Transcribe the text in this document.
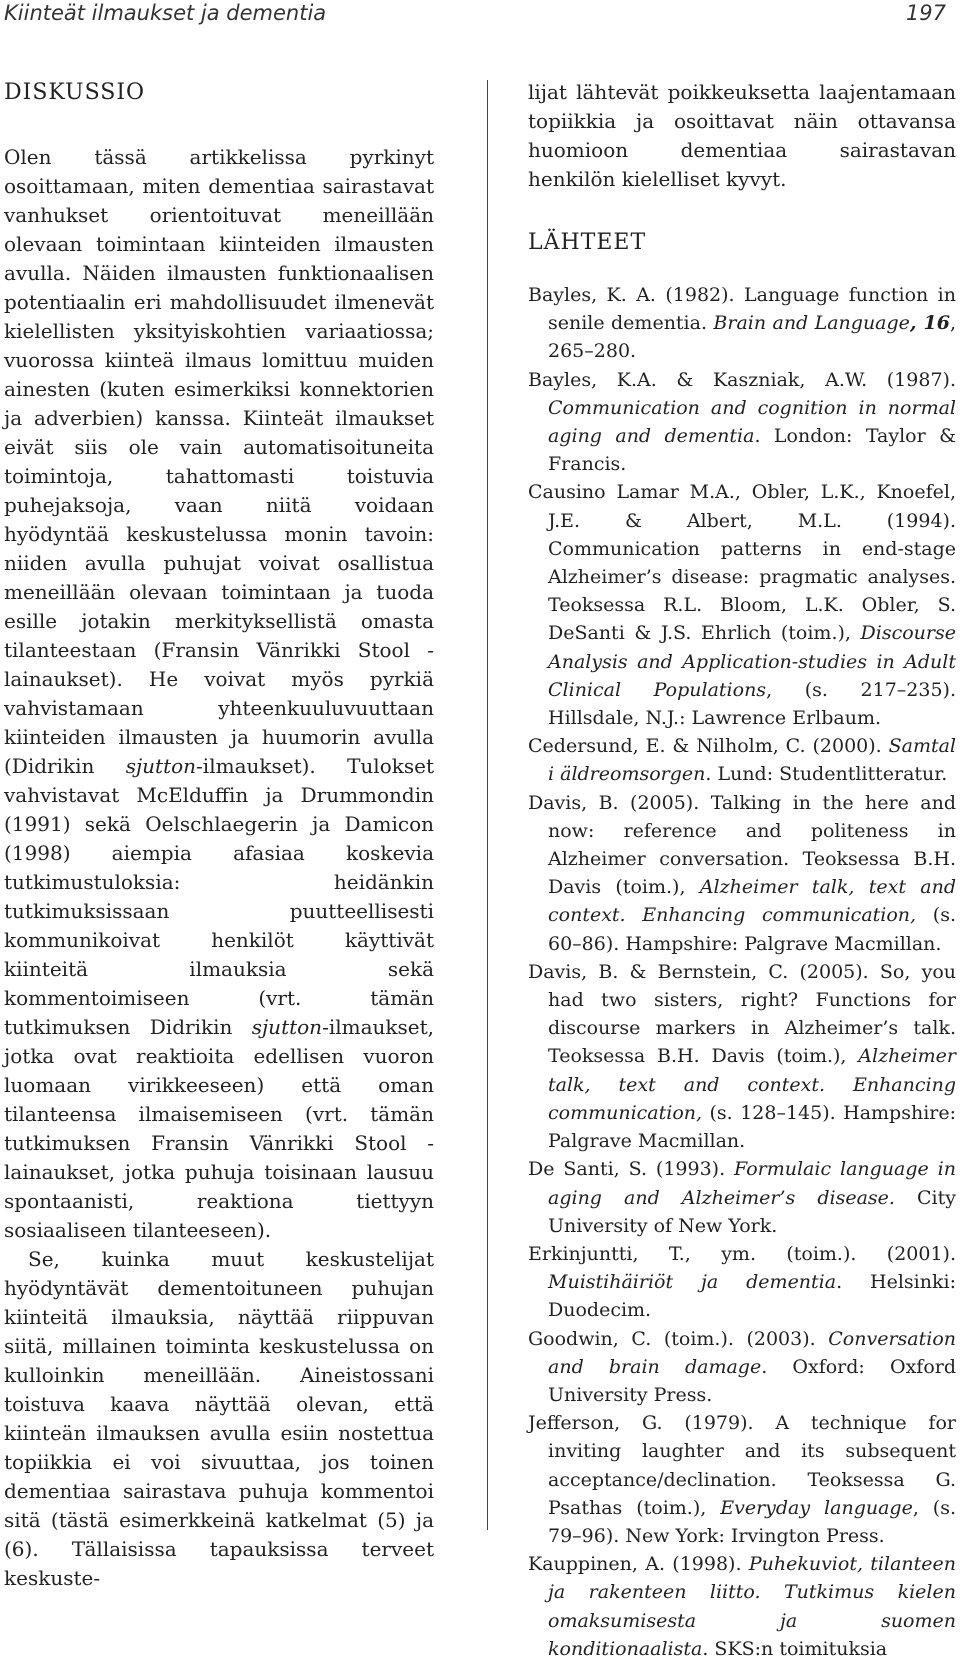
Kiinteät ilmaukset ja dementia	197
DISKUSSIO

Olen tässä artikkelissa pyrkinyt osoittamaan, miten dementiaa sairastavat vanhukset orientoituvat meneillään olevaan toimintaan kiinteiden ilmausten avulla. Näiden ilmausten funktionaalisen potentiaalin eri mahdollisuudet ilmenevät kielellisten yksityiskohtien variaatiossa; vuorossa kiinteä ilmaus lomittuu muiden ainesten (kuten esimerkiksi konnektorien ja adverbien) kanssa. Kiinteät ilmaukset eivät siis ole vain automatisoituneita toimintoja, tahattomasti toistuvia puhejaksoja, vaan niitä voidaan hyödyntää keskustelussa monin tavoin: niiden avulla puhujat voivat osallistua meneillään olevaan toimintaan ja tuoda esille jotakin merkityksellistä omasta tilanteestaan (Fransin Vänrikki Stool -lainaukset). He voivat myös pyrkiä vahvistamaan yhteenkuuluvuuttaan kiinteiden ilmausten ja huumorin avulla (Didrikin sjutton-ilmaukset). Tulokset vahvistavat McElduffin ja Drummondin (1991) sekä Oelschlaegerin ja Damicon (1998) aiempia afasiaa koskevia tutkimustuloksia: heidänkin tutkimuksissaan puutteellisesti kommunikoivat henkilöt käyttivät kiinteitä ilmauksia sekä kommentoimiseen (vrt. tämän tutkimuksen Didrikin sjutton-ilmaukset, jotka ovat reaktioita edellisen vuoron luomaan virikkeeseen) että oman tilanteensa ilmaisemiseen (vrt. tämän tutkimuksen Fransin Vänrikki Stool -lainaukset, jotka puhuja toisinaan lausuu spontaanisti, reaktiona tiettyyn sosiaaliseen tilanteeseen).

Se, kuinka muut keskustelijat hyödyntävät dementoituneen puhujan kiinteitä ilmauksia, näyttää riippuvan siitä, millainen toiminta keskustelussa on kulloinkin meneillään. Aineistossani toistuva kaava näyttää olevan, että kiinteän ilmauksen avulla esiin nostettua topiikkia ei voi sivuuttaa, jos toinen dementiaa sairastava puhuja kommentoi sitä (tästä esimerkkeinä katkelmat (5) ja (6). Tällaisissa tapauksissa terveet keskuste-

lijat lähtevät poikkeuksetta laajentamaan topiikkia ja osoittavat näin ottavansa huomioon dementiaa sairastavan henkilön kielelliset kyvyt.

LÄHTEET

Bayles, K. A. (1982). Language function in senile dementia. Brain and Language, 16, 265–280.

Bayles, K.A. & Kaszniak, A.W. (1987). Communication and cognition in normal aging and dementia. London: Taylor & Francis.

Causino Lamar M.A., Obler, L.K., Knoefel, J.E. & Albert, M.L. (1994). Communication patterns in end-stage Alzheimer’s disease: pragmatic analyses. Teoksessa R.L. Bloom, L.K. Obler, S. DeSanti & J.S. Ehrlich (toim.), Discourse Analysis and Application-studies in Adult Clinical Populations, (s. 217–235). Hillsdale, N.J.: Lawrence Erlbaum.

Cedersund, E. & Nilholm, C. (2000). Samtal i äldreomsorgen. Lund: Studentlitteratur.

Davis, B. (2005). Talking in the here and now: reference and politeness in Alzheimer conversation. Teoksessa B.H. Davis (toim.), Alzheimer talk, text and context. Enhancing communication, (s. 60–86). Hampshire: Palgrave Macmillan.

Davis, B. & Bernstein, C. (2005). So, you had two sisters, right? Functions for discourse markers in Alzheimer’s talk. Teoksessa B.H. Davis (toim.), Alzheimer talk, text and context. Enhancing communication, (s. 128–145). Hampshire: Palgrave Macmillan.

De Santi, S. (1993). Formulaic language in aging and Alzheimer’s disease. City University of New York.

Erkinjuntti, T., ym. (toim.). (2001). Muistihäiriöt ja dementia. Helsinki: Duodecim.

Goodwin, C. (toim.). (2003). Conversation and brain damage. Oxford: Oxford University Press.

Jefferson, G. (1979). A technique for inviting laughter and its subsequent acceptance/declination. Teoksessa G. Psathas (toim.), Everyday language, (s. 79–96). New York: Irvington Press.

Kauppinen, A. (1998). Puhekuviot, tilanteen ja rakenteen liitto. Tutkimus kielen omaksumisesta ja suomen konditionaalista. SKS:n toimituksia
